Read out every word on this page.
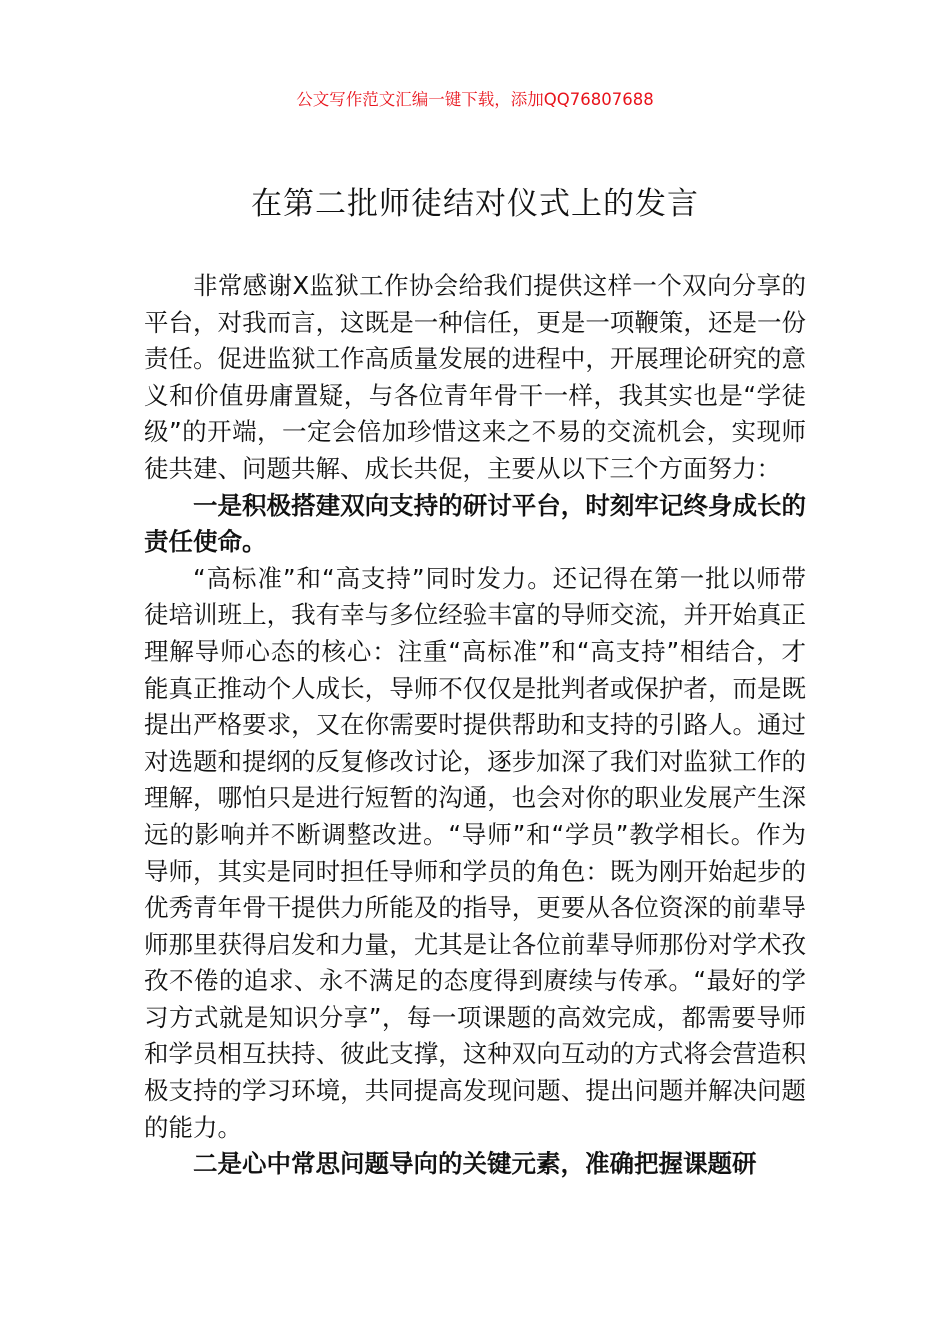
公文写作范文汇编一键下载，添加QQ76807688
在第二批师徒结对仪式上的发言

非常感谢X监狱工作协会给我们提供这样一个双向分享的平台，对我而言，这既是一种信任，更是一项鞭策，还是一份责任。促进监狱工作高质量发展的进程中，开展理论研究的意义和价值毋庸置疑，与各位青年骨干一样，我其实也是“学徒级”的开端，一定会倍加珍惜这来之不易的交流机会，实现师徒共建、问题共解、成长共促，主要从以下三个方面努力：

一是积极搭建双向支持的研讨平台，时刻牢记终身成长的责任使命。

“高标准”和“高支持”同时发力。还记得在第一批以师带徒培训班上，我有幸与多位经验丰富的导师交流，并开始真正理解导师心态的核心：注重“高标准”和“高支持”相结合，才能真正推动个人成长，导师不仅仅是批判者或保护者，而是既提出严格要求，又在你需要时提供帮助和支持的引路人。通过对选题和提纲的反复修改讨论，逐步加深了我们对监狱工作的理解，哪怕只是进行短暂的沟通，也会对你的职业发展产生深远的影响并不断调整改进。“导师”和“学员”教学相长。作为导师，其实是同时担任导师和学员的角色：既为刚开始起步的优秀青年骨干提供力所能及的指导，更要从各位资深的前辈导师那里获得启发和力量，尤其是让各位前辈导师那份对学术孜孜不倦的追求、永不满足的态度得到赓续与传承。“最好的学习方式就是知识分享”，每一项课题的高效完成，都需要导师和学员相互扶持、彼此支撑，这种双向互动的方式将会营造积极支持的学习环境，共同提高发现问题、提出问题并解决问题的能力。

二是心中常思问题导向的关键元素，准确把握课题研
